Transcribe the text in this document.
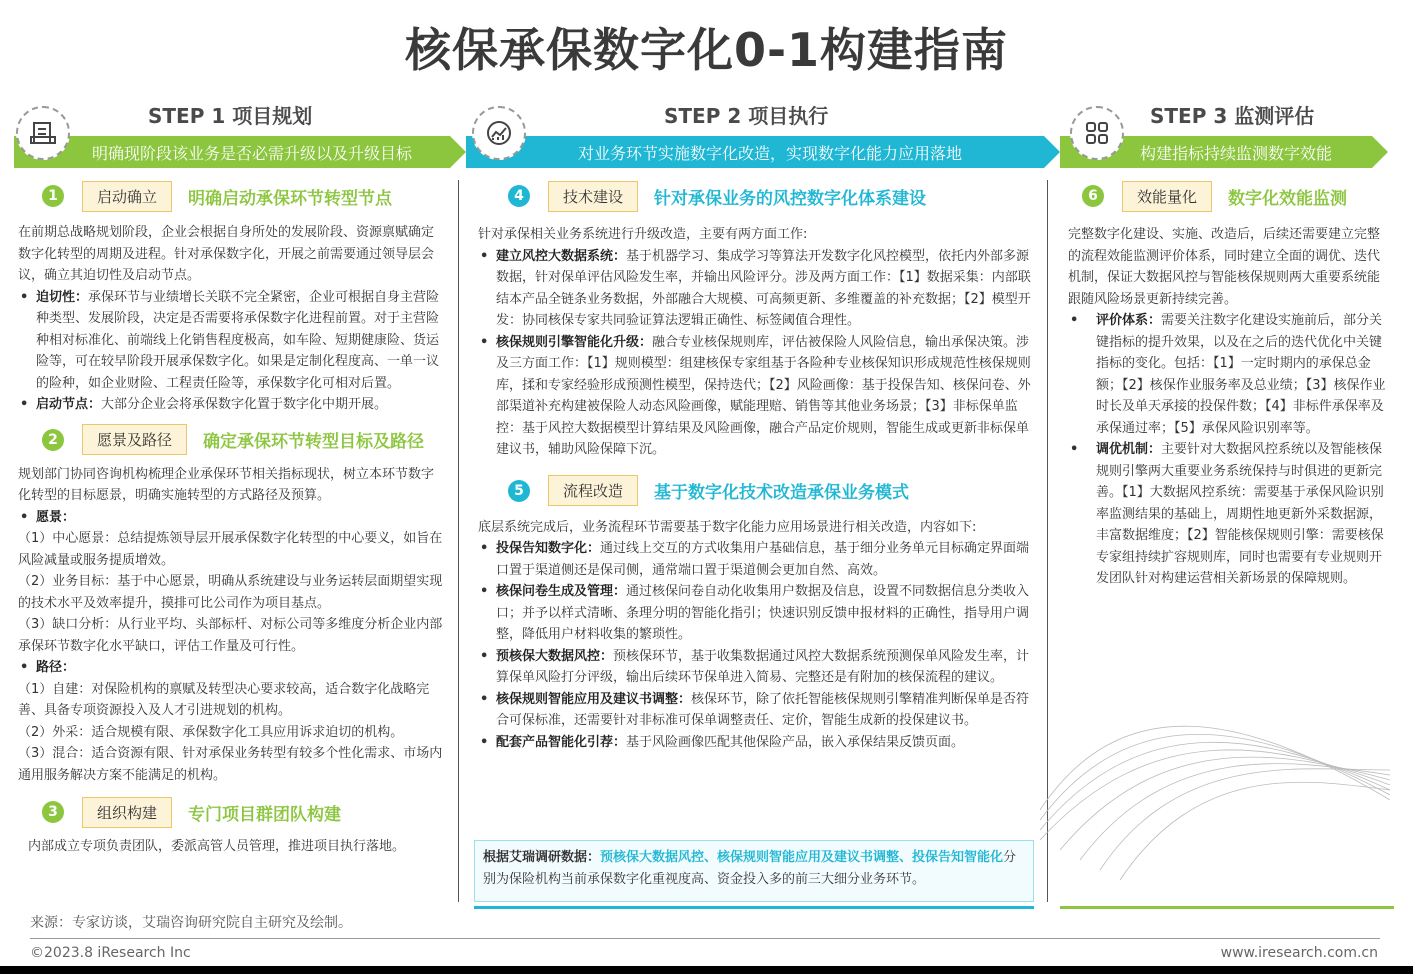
核保承保数字化0-1构建指南
STEP 1 项目规划	STEP 2 项目执行	STEP 3 监测评估
明确现阶段该业务是否必需升级以及升级目标	对业务环节实施数字化改造，实现数字化能力应用落地	构建指标持续监测数字效能
1	启动确立	明确启动承保环节转型节点
在前期总战略规划阶段，企业会根据自身所处的发展阶段、资源禀赋确定数字化转型的周期及进程。针对承保数字化，开展之前需要通过领导层会议，确立其迫切性及启动节点。
• 迫切性：承保环节与业绩增长关联不完全紧密，企业可根据自身主营险种类型、发展阶段，决定是否需要将承保数字化进程前置。对于主营险种相对标准化、前端线上化销售程度极高，如车险、短期健康险、货运险等，可在较早阶段开展承保数字化。如果是定制化程度高、一单一议的险种，如企业财险、工程责任险等，承保数字化可相对后置。
• 启动节点：大部分企业会将承保数字化置于数字化中期开展。
2	愿景及路径	确定承保环节转型目标及路径
规划部门协同咨询机构梳理企业承保环节相关指标现状，树立本环节数字化转型的目标愿景，明确实施转型的方式路径及预算。
• 愿景：
（1）中心愿景：总结提炼领导层开展承保数字化转型的中心要义，如旨在风险减量或服务提质增效。
（2）业务目标：基于中心愿景，明确从系统建设与业务运转层面期望实现的技术水平及效率提升，摸排可比公司作为项目基点。
（3）缺口分析：从行业平均、头部标杆、对标公司等多维度分析企业内部承保环节数字化水平缺口，评估工作量及可行性。
• 路径：
（1）自建：对保险机构的禀赋及转型决心要求较高，适合数字化战略完善、具备专项资源投入及人才引进规划的机构。
（2）外采：适合规模有限、承保数字化工具应用诉求迫切的机构。
（3）混合：适合资源有限、针对承保业务转型有较多个性化需求、市场内通用服务解决方案不能满足的机构。
3	组织构建	专门项目群团队构建
内部成立专项负责团队，委派高管人员管理，推进项目执行落地。
4	技术建设	针对承保业务的风控数字化体系建设
针对承保相关业务系统进行升级改造，主要有两方面工作:
• 建立风控大数据系统：基于机器学习、集成学习等算法开发数字化风控模型，依托内外部多源数据，针对保单评估风险发生率，并输出风险评分。涉及两方面工作：【1】数据采集：内部联结本产品全链条业务数据，外部融合大规模、可高频更新、多维覆盖的补充数据；【2】模型开发：协同核保专家共同验证算法逻辑正确性、标签阈值合理性。
• 核保规则引擎智能化升级：融合专业核保规则库，评估被保险人风险信息，输出承保决策。涉及三方面工作：【1】规则模型：组建核保专家组基于各险种专业核保知识形成规范性核保规则库，揉和专家经验形成预测性模型，保持迭代；【2】风险画像：基于投保告知、核保问卷、外部渠道补充构建被保险人动态风险画像，赋能理赔、销售等其他业务场景；【3】非标保单监控：基于风控大数据模型计算结果及风险画像，融合产品定价规则，智能生成或更新非标保单建议书，辅助风险保障下沉。
5	流程改造	基于数字化技术改造承保业务模式
底层系统完成后，业务流程环节需要基于数字化能力应用场景进行相关改造，内容如下:
• 投保告知数字化：通过线上交互的方式收集用户基础信息，基于细分业务单元目标确定界面端口置于渠道侧还是保司侧，通常端口置于渠道侧会更加自然、高效。
• 核保问卷生成及管理：通过核保问卷自动化收集用户数据及信息，设置不同数据信息分类收入口；并予以样式清晰、条理分明的智能化指引；快速识别反馈申报材料的正确性，指导用户调整，降低用户材料收集的繁琐性。
• 预核保大数据风控：预核保环节，基于收集数据通过风控大数据系统预测保单风险发生率，计算保单风险打分评级，输出后续环节保单进入简易、完整还是有附加的核保流程的建议。
• 核保规则智能应用及建议书调整：核保环节，除了依托智能核保规则引擎精准判断保单是否符合可保标准，还需要针对非标准可保单调整责任、定价，智能生成新的投保建议书。
• 配套产品智能化引荐：基于风险画像匹配其他保险产品，嵌入承保结果反馈页面。
根据艾瑞调研数据：预核保大数据风控、核保规则智能应用及建议书调整、投保告知智能化分别为保险机构当前承保数字化重视度高、资金投入多的前三大细分业务环节。
6	效能量化	数字化效能监测
完整数字化建设、实施、改造后，后续还需要建立完整的流程效能监测评价体系，同时建立全面的调优、迭代机制，保证大数据风控与智能核保规则两大重要系统能跟随风险场景更新持续完善。
• 评价体系：需要关注数字化建设实施前后，部分关键指标的提升效果，以及在之后的迭代优化中关键指标的变化。包括：【1】一定时期内的承保总金额；【2】核保作业服务率及总业绩；【3】核保作业时长及单天承接的投保件数；【4】非标件承保率及承保通过率；【5】承保风险识别率等。
• 调优机制：主要针对大数据风控系统以及智能核保规则引擎两大重要业务系统保持与时俱进的更新完善。【1】大数据风控系统：需要基于承保风险识别率监测结果的基础上，周期性地更新外采数据源，丰富数据维度；【2】智能核保规则引擎：需要核保专家组持续扩容规则库，同时也需要有专业规则开发团队针对构建运营相关新场景的保障规则。
来源：专家访谈，艾瑞咨询研究院自主研究及绘制。
©2023.8 iResearch Inc	www.iresearch.com.cn
